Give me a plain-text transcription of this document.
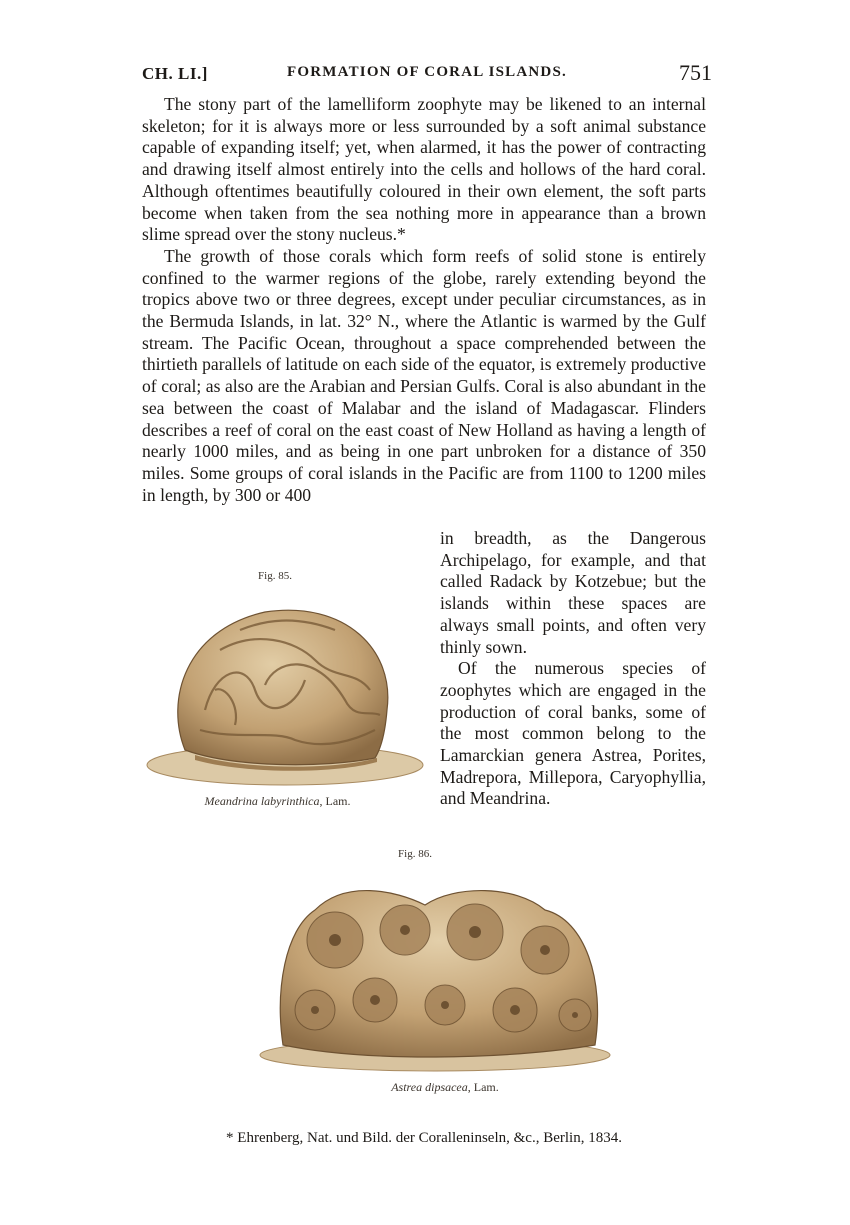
CH. LI.]	FORMATION OF CORAL ISLANDS.	751

The stony part of the lamelliform zoophyte may be likened to an internal skeleton; for it is always more or less surrounded by a soft animal substance capable of expanding itself; yet, when alarmed, it has the power of contracting and drawing itself almost entirely into the cells and hollows of the hard coral. Although oftentimes beautifully coloured in their own element, the soft parts become when taken from the sea nothing more in appearance than a brown slime spread over the stony nucleus.*

The growth of those corals which form reefs of solid stone is entirely confined to the warmer regions of the globe, rarely extending beyond the tropics above two or three degrees, except under peculiar circumstances, as in the Bermuda Islands, in lat. 32° N., where the Atlantic is warmed by the Gulf stream. The Pacific Ocean, throughout a space comprehended between the thirtieth parallels of latitude on each side of the equator, is extremely productive of coral; as also are the Arabian and Persian Gulfs. Coral is also abundant in the sea between the coast of Malabar and the island of Madagascar. Flinders describes a reef of coral on the east coast of New Holland as having a length of nearly 1000 miles, and as being in one part unbroken for a distance of 350 miles. Some groups of coral islands in the Pacific are from 1100 to 1200 miles in length, by 300 or 400

Fig. 85.
Meandrina labyrinthica, Lam.

in breadth, as the Dangerous Archipelago, for example, and that called Radack by Kotzebue; but the islands within these spaces are always small points, and often very thinly sown.

Of the numerous species of zoophytes which are engaged in the production of coral banks, some of the most common belong to the Lamarckian genera Astrea, Porites, Madrepora, Millepora, Caryophyllia, and Meandrina.

Fig. 86.
Astrea dipsacea, Lam.
* Ehrenberg, Nat. und Bild. der Coralleninseln, &c., Berlin, 1834.
